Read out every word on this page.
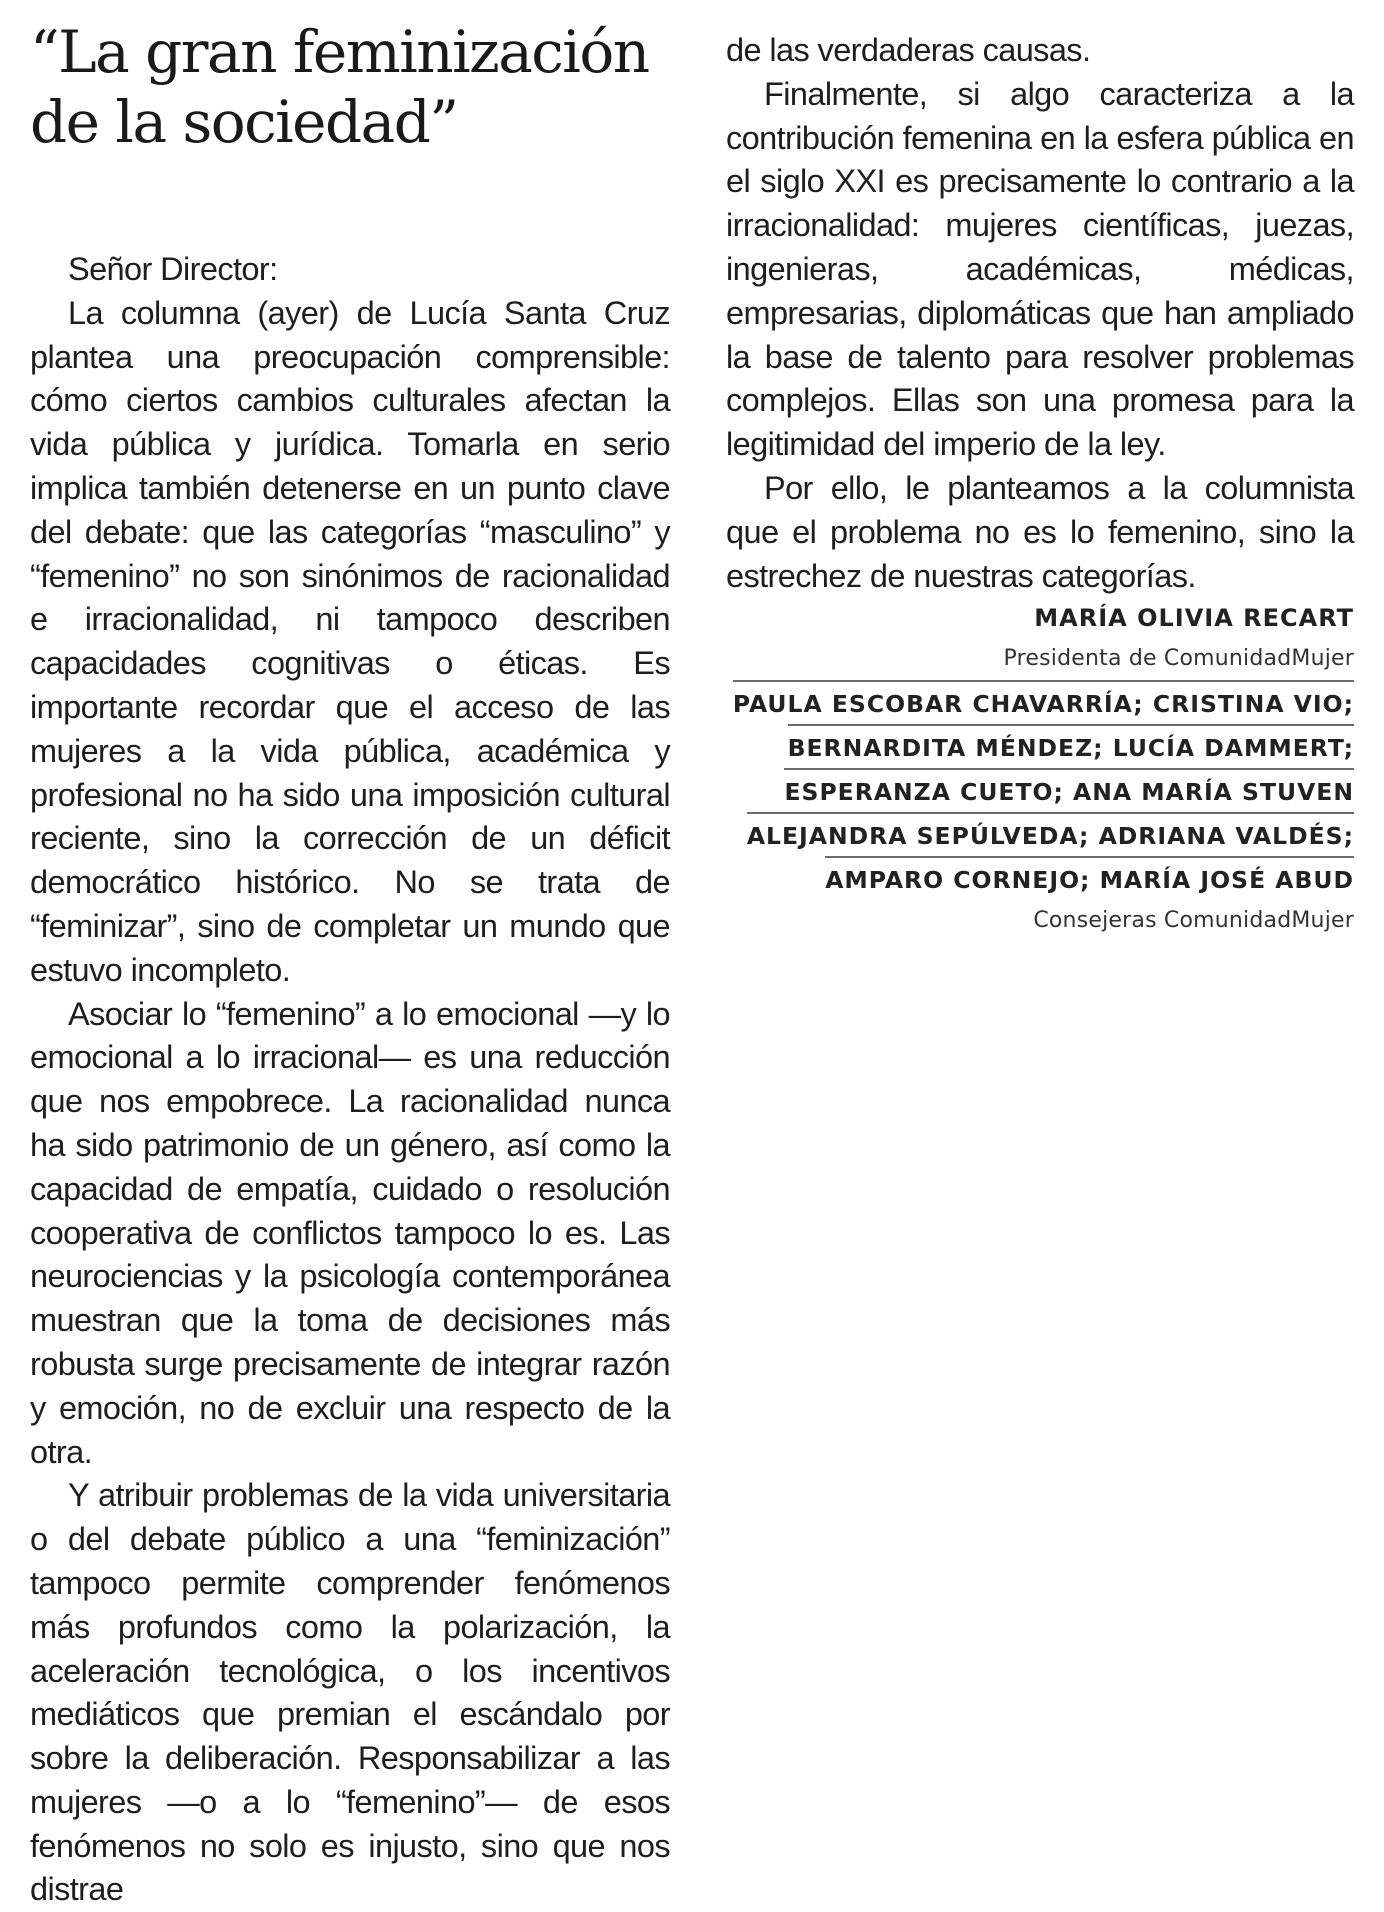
“La gran feminización
de la sociedad”

Señor Director:

La columna (ayer) de Lucía Santa Cruz plantea una preocupación comprensible: cómo ciertos cambios culturales afectan la vida pública y jurídica. Tomarla en serio implica también detenerse en un punto clave del debate: que las categorías “masculino” y “femenino” no son sinónimos de racionalidad e irracionalidad, ni tampoco describen capacidades cognitivas o éticas. Es importante recordar que el acceso de las mujeres a la vida pública, académica y profesional no ha sido una imposición cultural reciente, sino la corrección de un déficit democrático histórico. No se trata de “feminizar”, sino de completar un mundo que estuvo incompleto.

Asociar lo “femenino” a lo emocional —y lo emocional a lo irracional— es una reducción que nos empobrece. La racionalidad nunca ha sido patrimonio de un género, así como la capacidad de empatía, cuidado o resolución cooperativa de conflictos tampoco lo es. Las neurociencias y la psicología contemporánea muestran que la toma de decisiones más robusta surge precisamente de integrar razón y emoción, no de excluir una respecto de la otra.

Y atribuir problemas de la vida universitaria o del debate público a una “feminización” tampoco permite comprender fenómenos más profundos como la polarización, la aceleración tecnológica, o los incentivos mediáticos que premian el escándalo por sobre la deliberación. Responsabilizar a las mujeres —o a lo “femenino”— de esos fenómenos no solo es injusto, sino que nos distrae

de las verdaderas causas.

Finalmente, si algo caracteriza a la contribución femenina en la esfera pública en el siglo XXI es precisamente lo contrario a la irracionalidad: mujeres científicas, juezas, ingenieras, académicas, médicas, empresarias, diplomáticas que han ampliado la base de talento para resolver problemas complejos. Ellas son una promesa para la legitimidad del imperio de la ley.

Por ello, le planteamos a la columnista que el problema no es lo femenino, sino la estrechez de nuestras categorías.

MARÍA OLIVIA RECART
Presidenta de ComunidadMujer
PAULA ESCOBAR CHAVARRÍA; CRISTINA VIO;
BERNARDITA MÉNDEZ; LUCÍA DAMMERT;
ESPERANZA CUETO; ANA MARÍA STUVEN
ALEJANDRA SEPÚLVEDA; ADRIANA VALDÉS;
AMPARO CORNEJO; MARÍA JOSÉ ABUD
Consejeras ComunidadMujer
